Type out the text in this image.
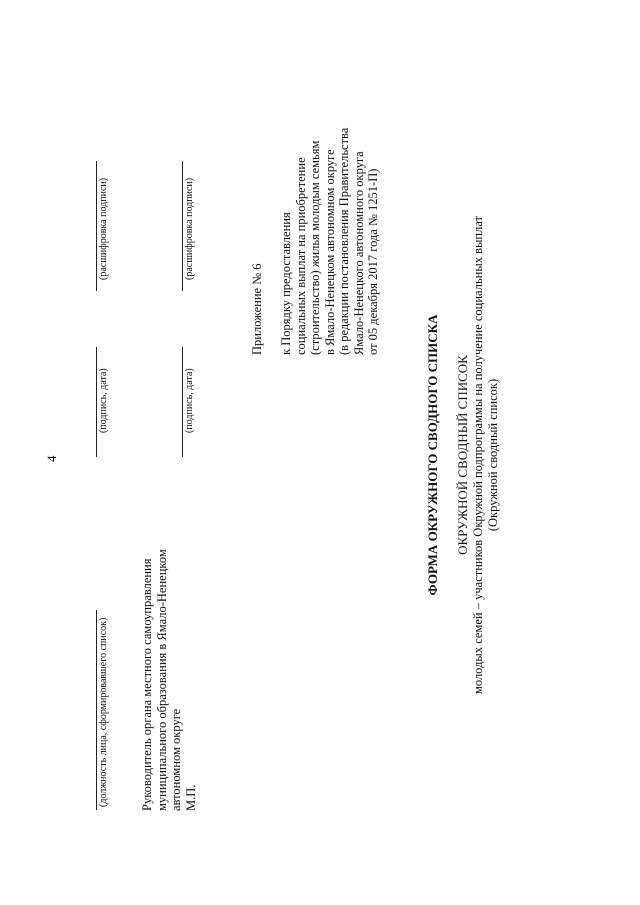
4
(должность лица, сформировавшего список)
(подпись, дата)
(расшифровка подписи)
Руководитель органа местного самоуправления муниципального образования в Ямало-Ненецком автономном округе М.П.
(подпись, дата)
(расшифровка подписи)
Приложение № 6 к Порядку предоставления социальных выплат на приобретение (строительство) жилья молодым семьям в Ямало-Ненецком автономном округе (в редакции постановления Правительства Ямало-Ненецкого автономного округа от 05 декабря 2017 года № 1251-П)
ФОРМА ОКРУЖНОГО СВОДНОГО СПИСКА ОКРУЖНОЙ СВОДНЫЙ СПИСОК молодых семей – участников Окружной подпрограммы на получение социальных выплат (Окружной сводный список)
